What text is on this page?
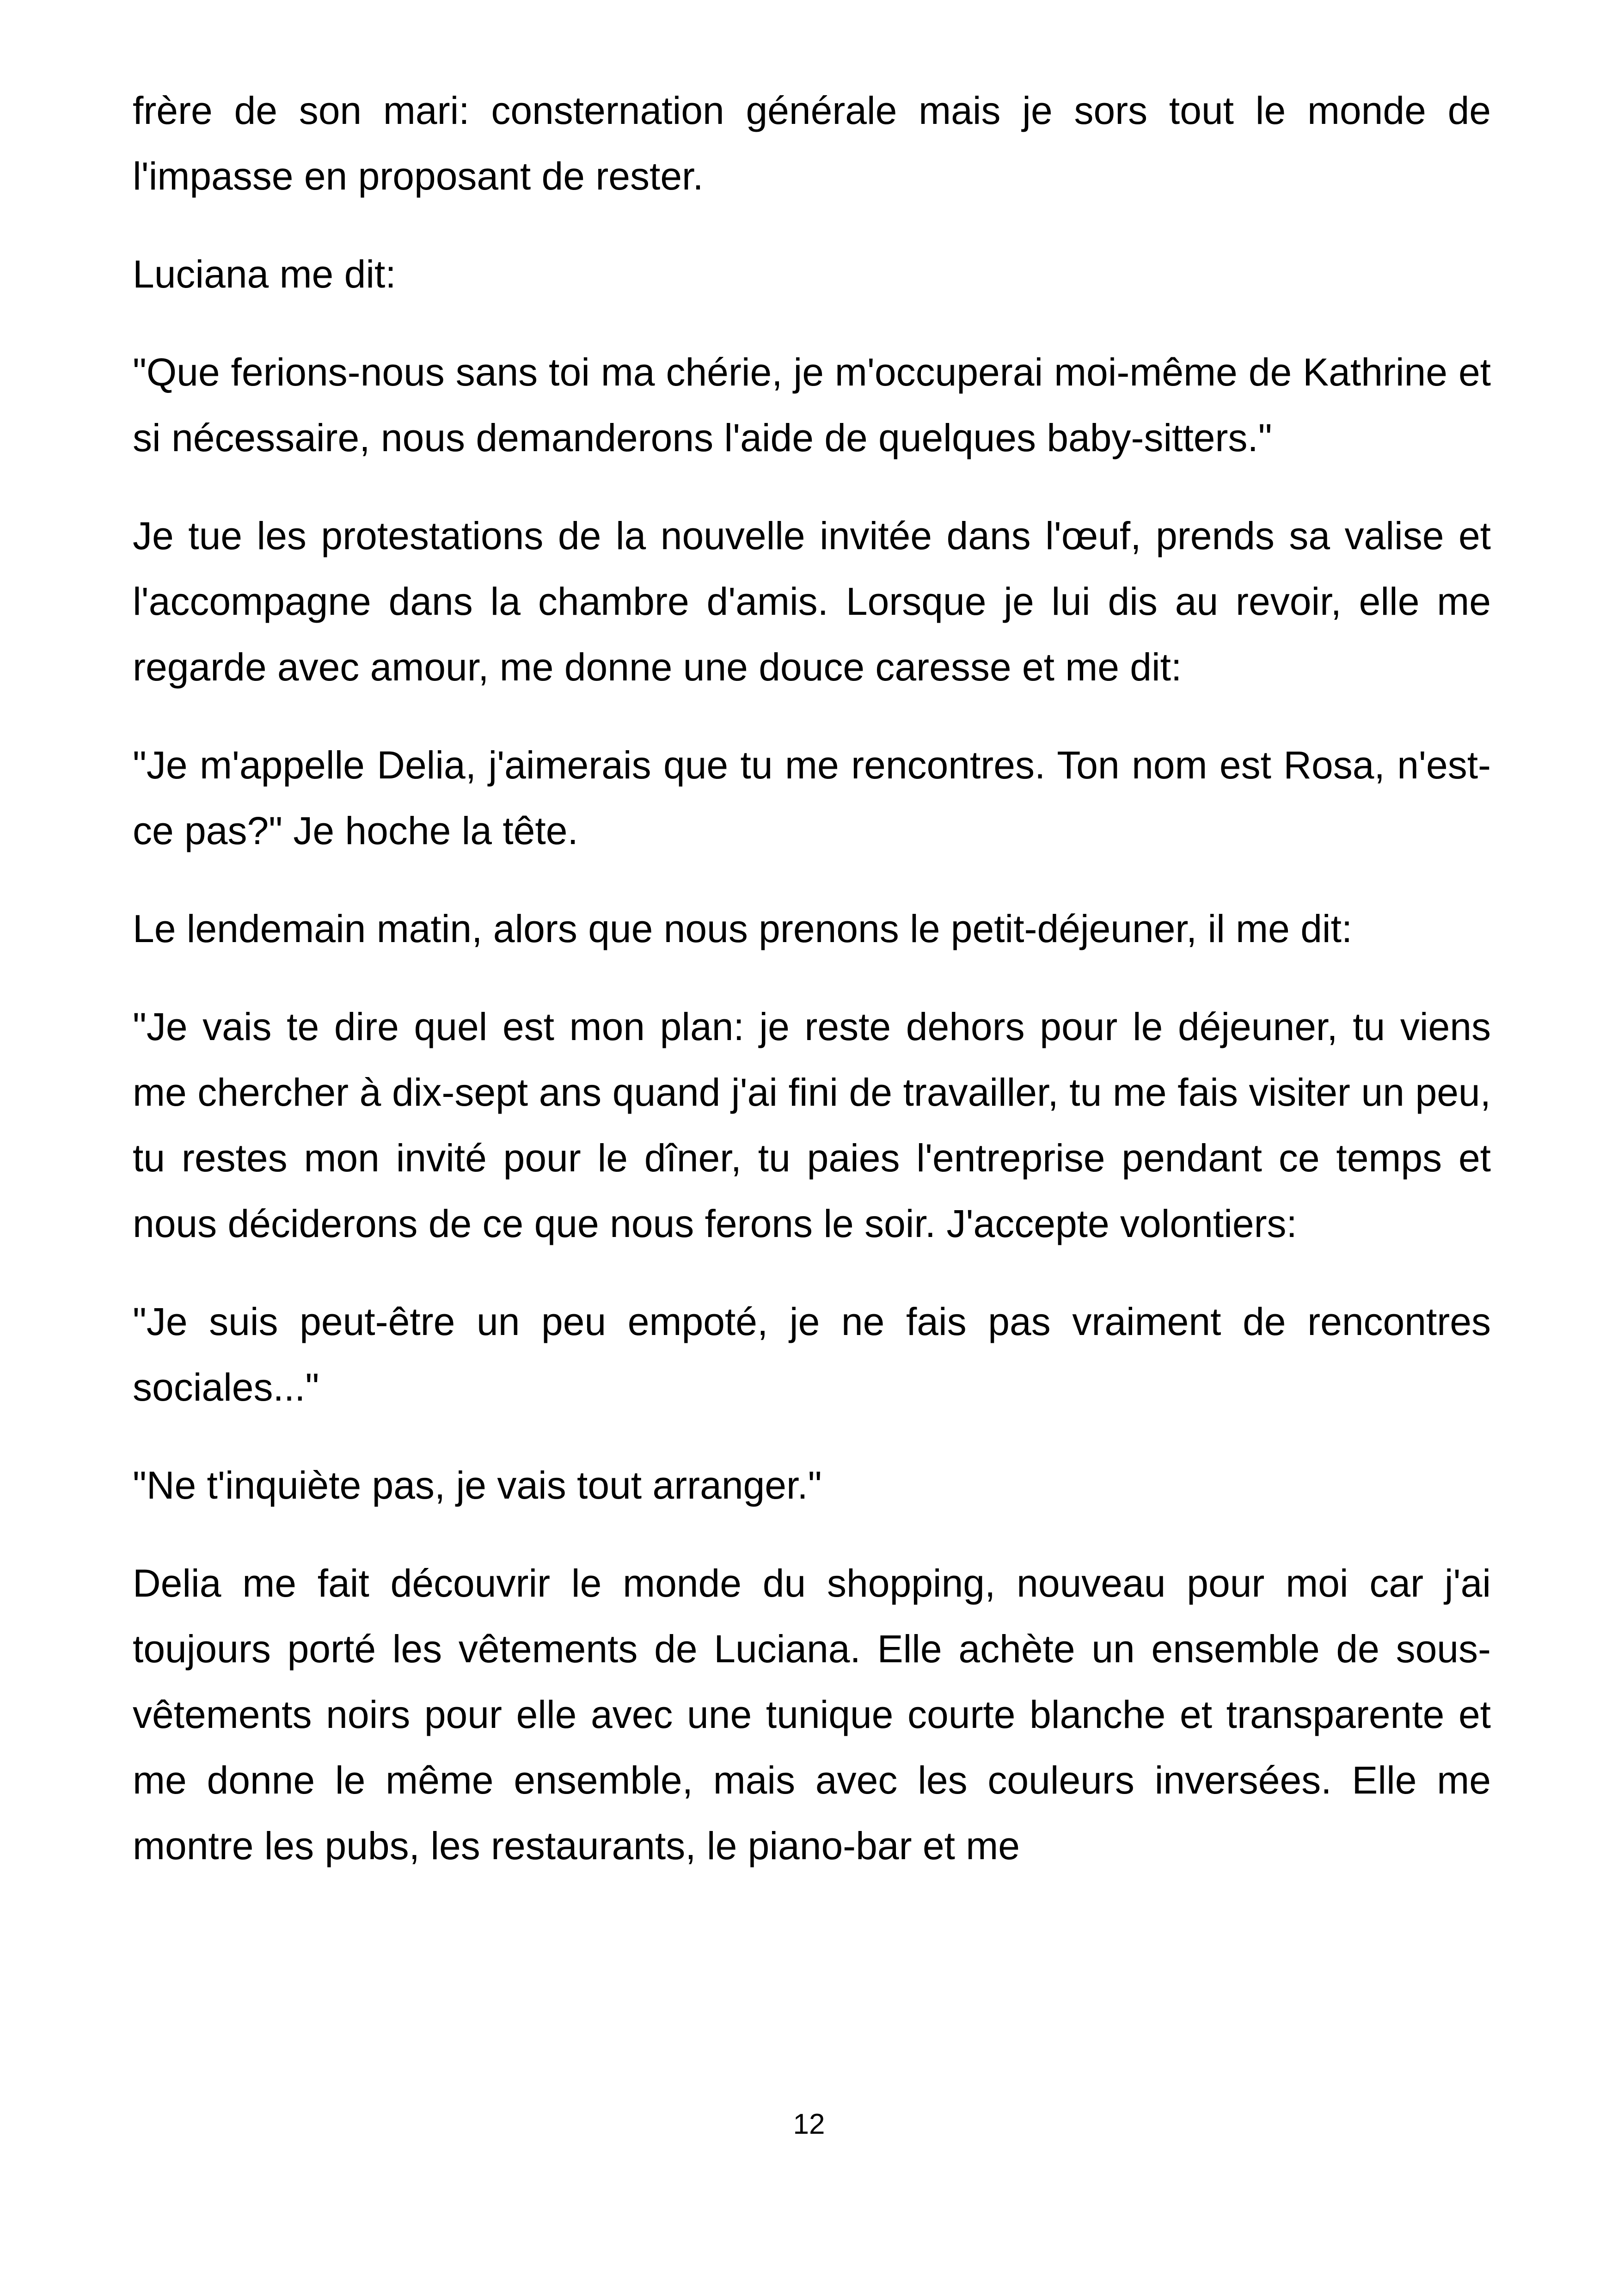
frère de son mari: consternation générale mais je sors tout le monde de l'impasse en proposant de rester.

Luciana me dit:

"Que ferions-nous sans toi ma chérie, je m'occuperai moi-même de Kathrine et si nécessaire, nous demanderons l'aide de quelques baby-sitters."

Je tue les protestations de la nouvelle invitée dans l'œuf, prends sa valise et l'accompagne dans la chambre d'amis. Lorsque je lui dis au revoir, elle me regarde avec amour, me donne une douce caresse et me dit:

"Je m'appelle Delia, j'aimerais que tu me rencontres. Ton nom est Rosa, n'est-ce pas?" Je hoche la tête.

Le lendemain matin, alors que nous prenons le petit-déjeuner, il me dit:

"Je vais te dire quel est mon plan: je reste dehors pour le déjeuner, tu viens me chercher à dix-sept ans quand j'ai fini de travailler, tu me fais visiter un peu, tu restes mon invité pour le dîner, tu paies l'entreprise pendant ce temps et nous déciderons de ce que nous ferons le soir. J'accepte volontiers:

"Je suis peut-être un peu empoté, je ne fais pas vraiment de rencontres sociales..."

"Ne t'inquiète pas, je vais tout arranger."

Delia me fait découvrir le monde du shopping, nouveau pour moi car j'ai toujours porté les vêtements de Luciana. Elle achète un ensemble de sous-vêtements noirs pour elle avec une tunique courte blanche et transparente et me donne le même ensemble, mais avec les couleurs inversées. Elle me montre les pubs, les restaurants, le piano-bar et me

12
